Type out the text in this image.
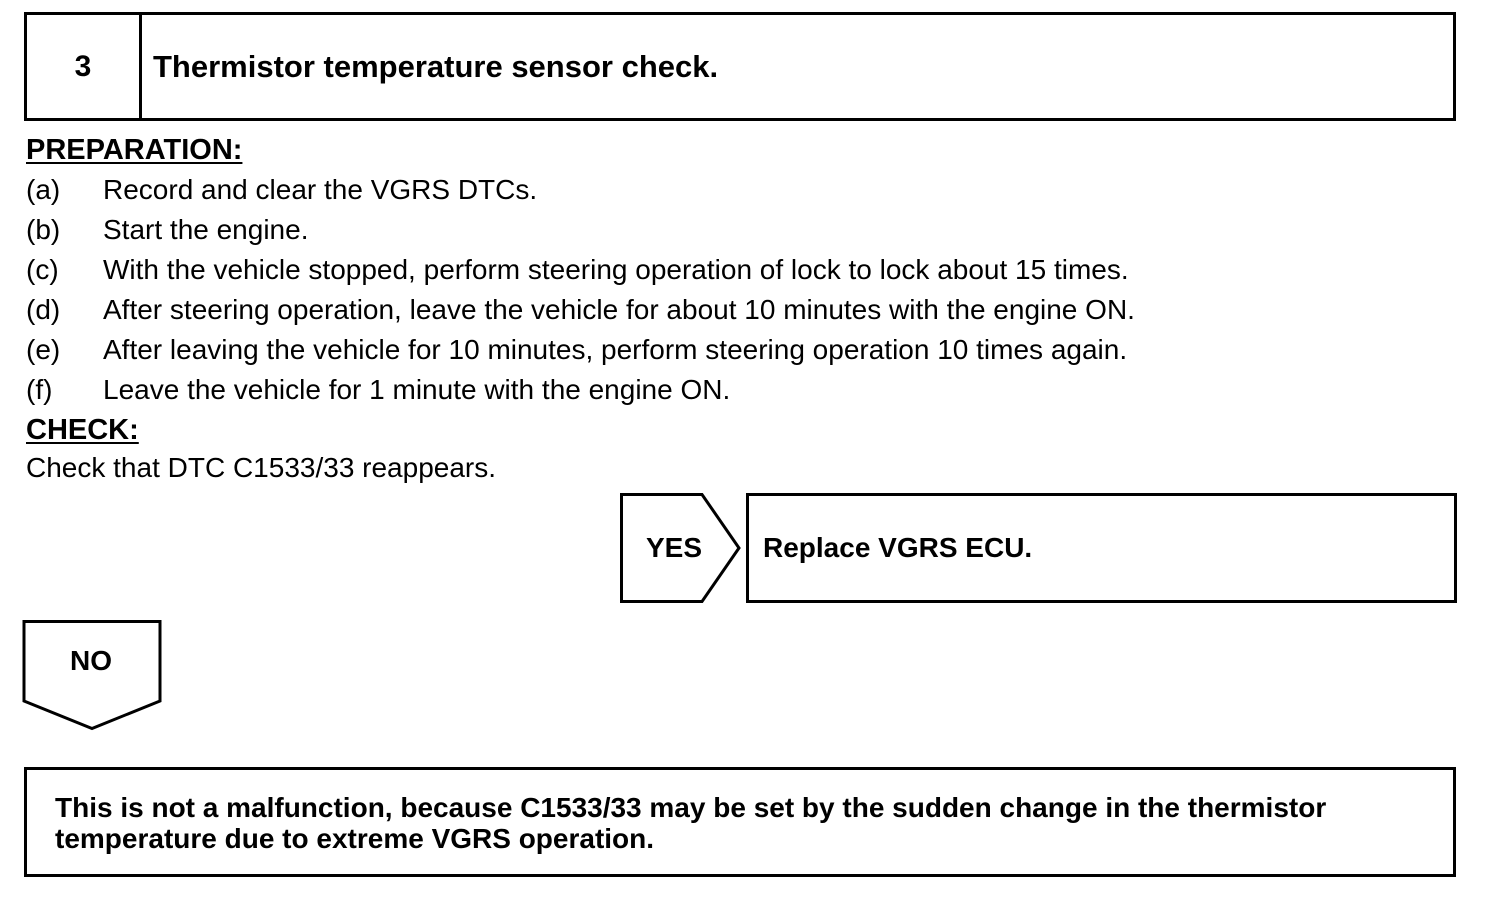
3	Thermistor temperature sensor check.
PREPARATION:
(a) Record and clear the VGRS DTCs.
(b) Start the engine.
(c) With the vehicle stopped, perform steering operation of lock to lock about 15 times.
(d) After steering operation, leave the vehicle for about 10 minutes with the engine ON.
(e) After leaving the vehicle for 10 minutes, perform steering operation 10 times again.
(f) Leave the vehicle for 1 minute with the engine ON.
CHECK:
Check that DTC C1533/33 reappears.
YES	Replace VGRS ECU.
NO
This is not a malfunction, because C1533/33 may be set by the sudden change in the thermistor temperature due to extreme VGRS operation.
